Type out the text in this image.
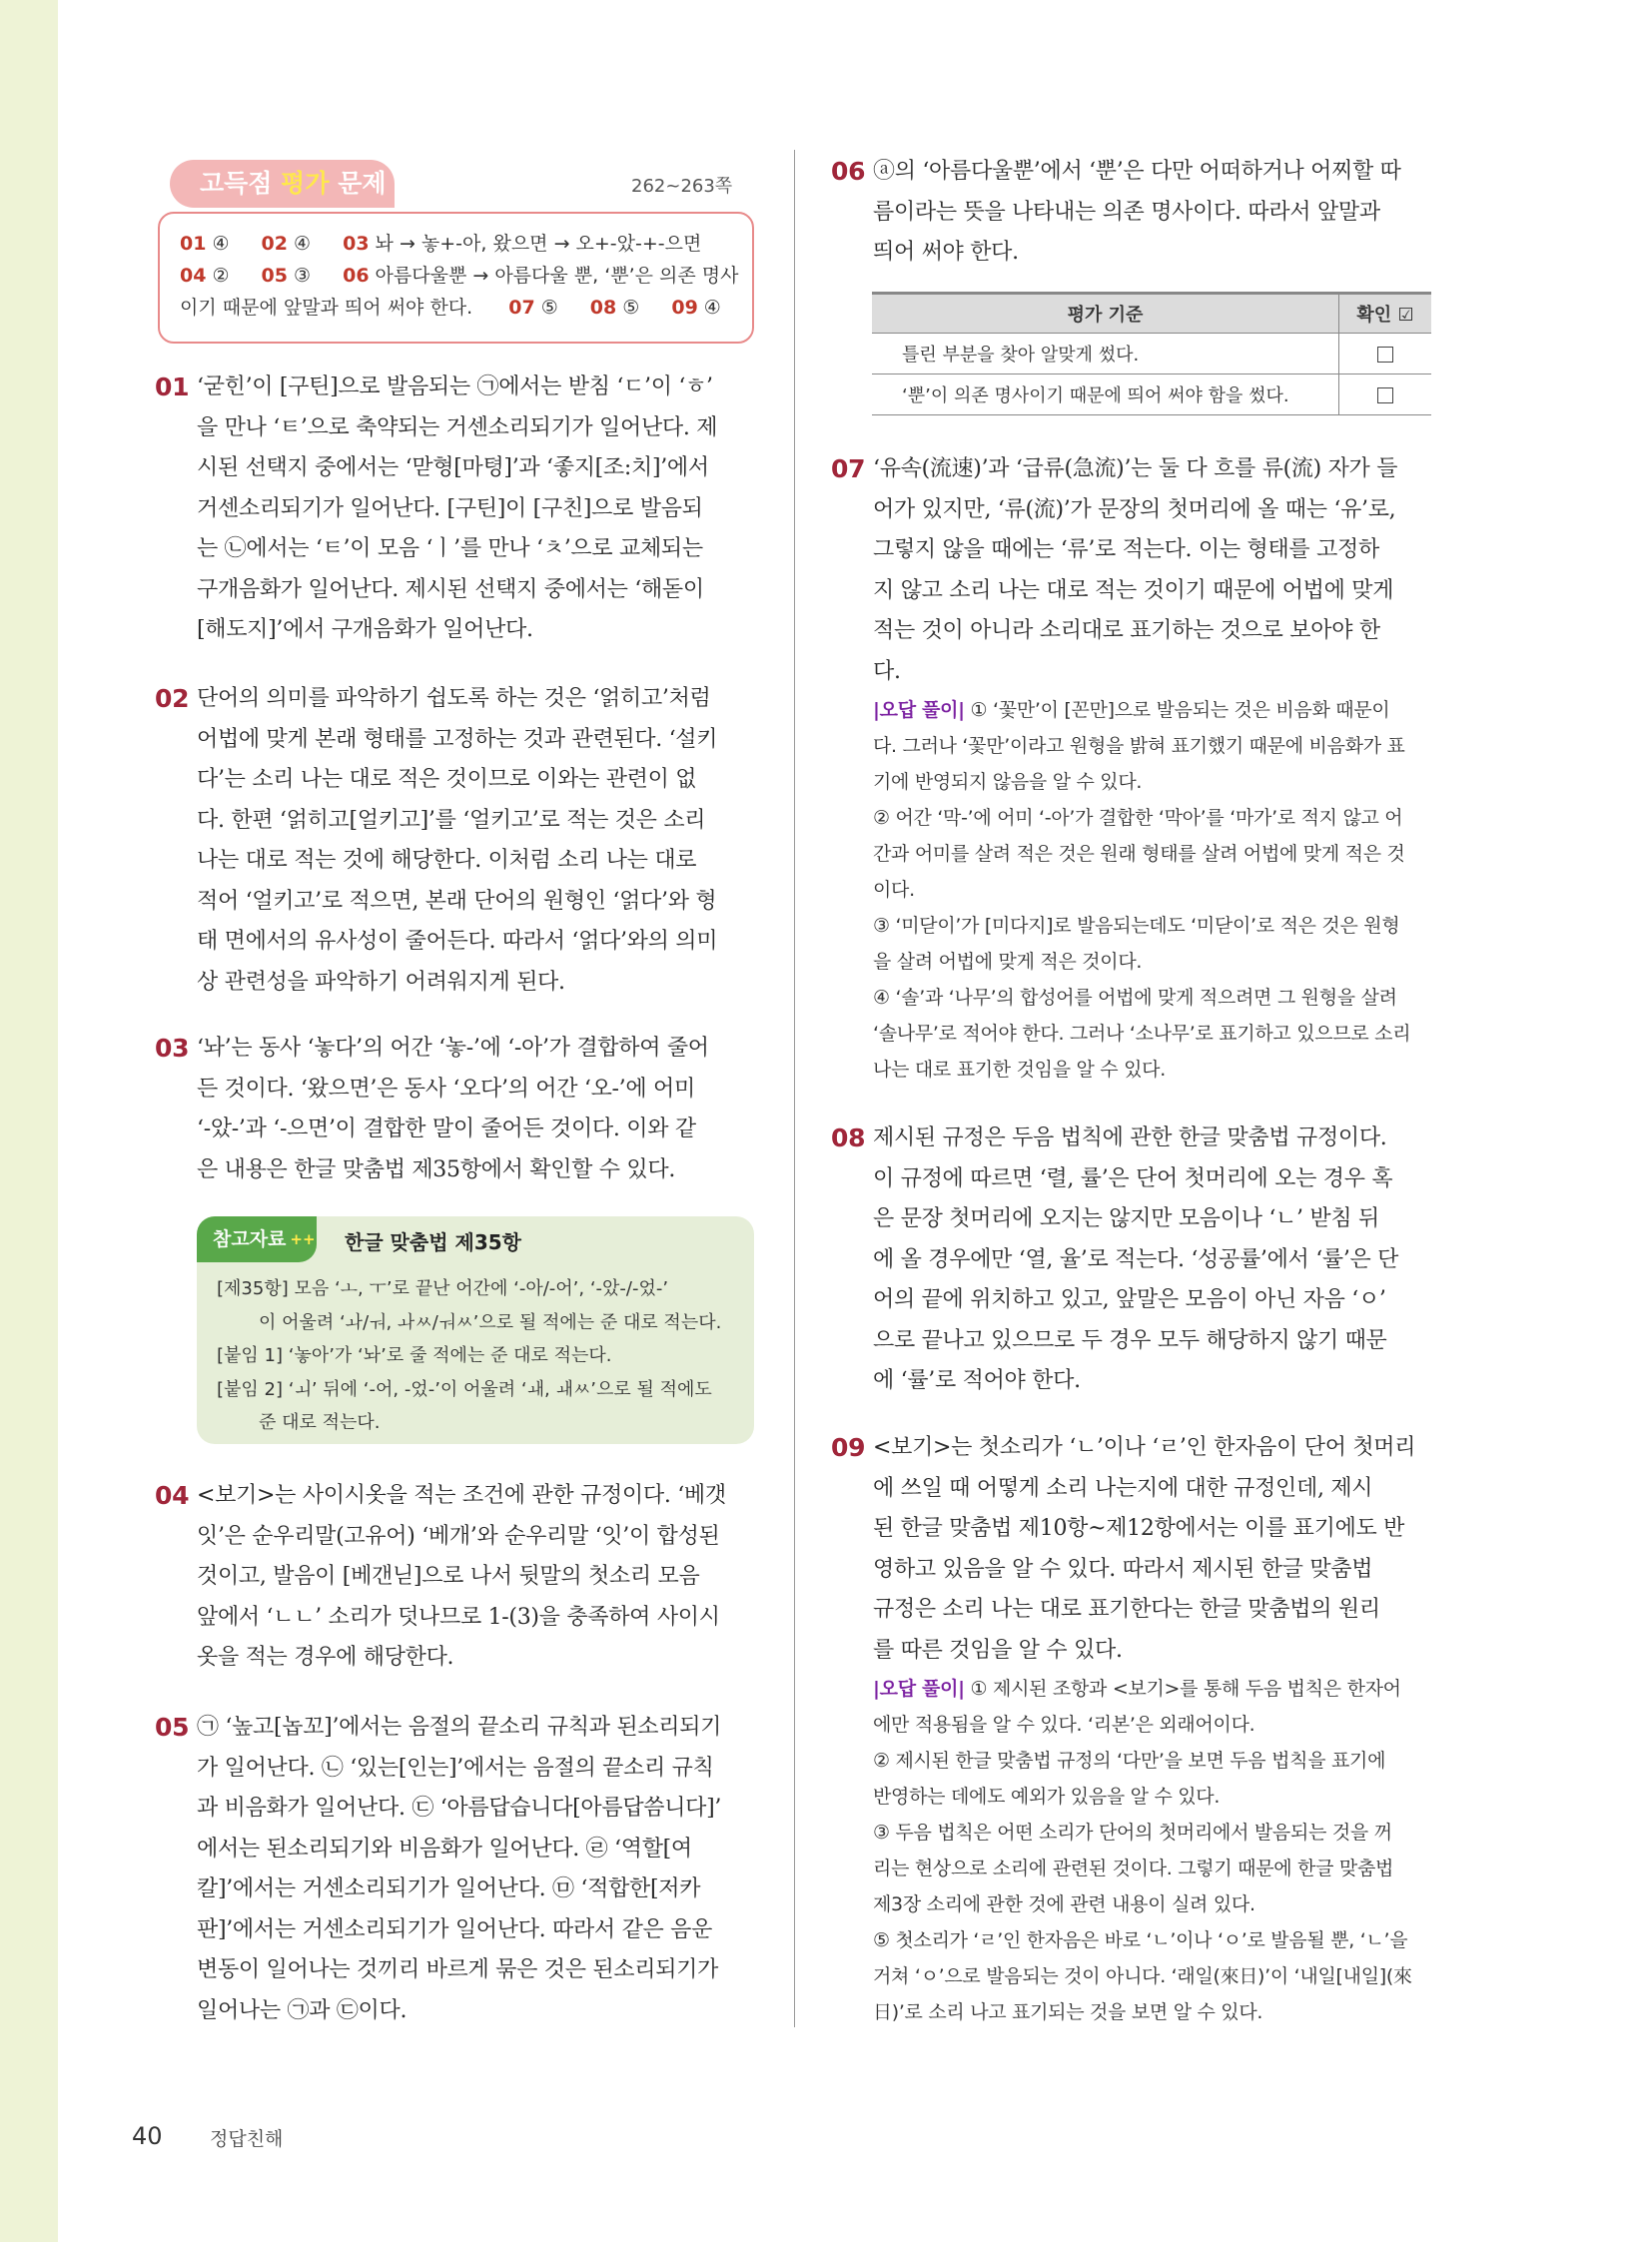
고득점 평가 문제	262~263쪽
01 ④ 02 ④ 03 놔 → 놓+-아, 왔으면 → 오+-았-+-으면
04 ② 05 ③ 06 아름다울뿐 → 아름다울 뿐, ‘뿐’은 의존 명사
이기 때문에 앞말과 띄어 써야 한다. 07 ⑤ 08 ⑤ 09 ④
01 ‘굳힌’이 [구틴]으로 발음되는 ㉠에서는 받침 ‘ㄷ’이 ‘ㅎ’
을 만나 ‘ㅌ’으로 축약되는 거센소리되기가 일어난다. 제
시된 선택지 중에서는 ‘맏형[마텽]’과 ‘좋지[조:치]’에서
거센소리되기가 일어난다. [구틴]이 [구친]으로 발음되
는 ㉡에서는 ‘ㅌ’이 모음 ‘ㅣ’를 만나 ‘ㅊ’으로 교체되는
구개음화가 일어난다. 제시된 선택지 중에서는 ‘해돋이
[해도지]’에서 구개음화가 일어난다.
02 단어의 의미를 파악하기 쉽도록 하는 것은 ‘얽히고’처럼
어법에 맞게 본래 형태를 고정하는 것과 관련된다. ‘설키
다’는 소리 나는 대로 적은 것이므로 이와는 관련이 없
다. 한편 ‘얽히고[얼키고]’를 ‘얼키고’로 적는 것은 소리
나는 대로 적는 것에 해당한다. 이처럼 소리 나는 대로
적어 ‘얼키고’로 적으면, 본래 단어의 원형인 ‘얽다’와 형
태 면에서의 유사성이 줄어든다. 따라서 ‘얽다’와의 의미
상 관련성을 파악하기 어려워지게 된다.
03 ‘놔’는 동사 ‘놓다’의 어간 ‘놓-’에 ‘-아’가 결합하여 줄어
든 것이다. ‘왔으면’은 동사 ‘오다’의 어간 ‘오-’에 어미
‘-았-’과 ‘-으면’이 결합한 말이 줄어든 것이다. 이와 같
은 내용은 한글 맞춤법 제35항에서 확인할 수 있다.
참고자료 ++ 한글 맞춤법 제35항
[제35항] 모음 ‘ㅗ, ㅜ’로 끝난 어간에 ‘-아/-어’, ‘-았-/-었-’
이 어울려 ‘ㅘ/ㅝ, ㅘㅆ/ㅝㅆ’으로 될 적에는 준 대로 적는다.
[붙임 1] ‘놓아’가 ‘놔’로 줄 적에는 준 대로 적는다.
[붙임 2] ‘ㅚ’ 뒤에 ‘-어, -었-’이 어울려 ‘ㅙ, ㅙㅆ’으로 될 적에도
준 대로 적는다.
04 <보기>는 사이시옷을 적는 조건에 관한 규정이다. ‘베갯
잇’은 순우리말(고유어) ‘베개’와 순우리말 ‘잇’이 합성된
것이고, 발음이 [베갠닏]으로 나서 뒷말의 첫소리 모음
앞에서 ‘ㄴㄴ’ 소리가 덧나므로 1-(3)을 충족하여 사이시
옷을 적는 경우에 해당한다.
05 ㉠ ‘높고[놉꼬]’에서는 음절의 끝소리 규칙과 된소리되기
가 일어난다. ㉡ ‘있는[인는]’에서는 음절의 끝소리 규칙
과 비음화가 일어난다. ㉢ ‘아름답습니다[아름답씀니다]’
에서는 된소리되기와 비음화가 일어난다. ㉣ ‘역할[여
칼]’에서는 거센소리되기가 일어난다. ㉤ ‘적합한[저카
판]’에서는 거센소리되기가 일어난다. 따라서 같은 음운
변동이 일어나는 것끼리 바르게 묶은 것은 된소리되기가
일어나는 ㉠과 ㉢이다.
06 ⓐ의 ‘아름다울뿐’에서 ‘뿐’은 다만 어떠하거나 어찌할 따
름이라는 뜻을 나타내는 의존 명사이다. 따라서 앞말과
띄어 써야 한다.
평가 기준	확인 ☑
틀린 부분을 찾아 알맞게 썼다.	
‘뿐’이 의존 명사이기 때문에 띄어 써야 함을 썼다.	
07 ‘유속(流速)’과 ‘급류(急流)’는 둘 다 흐를 류(流) 자가 들
어가 있지만, ‘류(流)’가 문장의 첫머리에 올 때는 ‘유’로,
그렇지 않을 때에는 ‘류’로 적는다. 이는 형태를 고정하
지 않고 소리 나는 대로 적는 것이기 때문에 어법에 맞게
적는 것이 아니라 소리대로 표기하는 것으로 보아야 한
다.
|오답 풀이| ① ‘꽃만’이 [꼰만]으로 발음되는 것은 비음화 때문이
다. 그러나 ‘꽃만’이라고 원형을 밝혀 표기했기 때문에 비음화가 표
기에 반영되지 않음을 알 수 있다.
② 어간 ‘막-’에 어미 ‘-아’가 결합한 ‘막아’를 ‘마가’로 적지 않고 어
간과 어미를 살려 적은 것은 원래 형태를 살려 어법에 맞게 적은 것
이다.
③ ‘미닫이’가 [미다지]로 발음되는데도 ‘미닫이’로 적은 것은 원형
을 살려 어법에 맞게 적은 것이다.
④ ‘솔’과 ‘나무’의 합성어를 어법에 맞게 적으려면 그 원형을 살려
‘솔나무’로 적어야 한다. 그러나 ‘소나무’로 표기하고 있으므로 소리
나는 대로 표기한 것임을 알 수 있다.
08 제시된 규정은 두음 법칙에 관한 한글 맞춤법 규정이다.
이 규정에 따르면 ‘렬, 률’은 단어 첫머리에 오는 경우 혹
은 문장 첫머리에 오지는 않지만 모음이나 ‘ㄴ’ 받침 뒤
에 올 경우에만 ‘열, 율’로 적는다. ‘성공률’에서 ‘률’은 단
어의 끝에 위치하고 있고, 앞말은 모음이 아닌 자음 ‘ㅇ’
으로 끝나고 있으므로 두 경우 모두 해당하지 않기 때문
에 ‘률’로 적어야 한다.
09 <보기>는 첫소리가 ‘ㄴ’이나 ‘ㄹ’인 한자음이 단어 첫머리
에 쓰일 때 어떻게 소리 나는지에 대한 규정인데, 제시
된 한글 맞춤법 제10항~제12항에서는 이를 표기에도 반
영하고 있음을 알 수 있다. 따라서 제시된 한글 맞춤법
규정은 소리 나는 대로 표기한다는 한글 맞춤법의 원리
를 따른 것임을 알 수 있다.
|오답 풀이| ① 제시된 조항과 <보기>를 통해 두음 법칙은 한자어
에만 적용됨을 알 수 있다. ‘리본’은 외래어이다.
② 제시된 한글 맞춤법 규정의 ‘다만’을 보면 두음 법칙을 표기에
반영하는 데에도 예외가 있음을 알 수 있다.
③ 두음 법칙은 어떤 소리가 단어의 첫머리에서 발음되는 것을 꺼
리는 현상으로 소리에 관련된 것이다. 그렇기 때문에 한글 맞춤법
제3장 소리에 관한 것에 관련 내용이 실려 있다.
⑤ 첫소리가 ‘ㄹ’인 한자음은 바로 ‘ㄴ’이나 ‘ㅇ’로 발음될 뿐, ‘ㄴ’을
거쳐 ‘ㅇ’으로 발음되는 것이 아니다. ‘래일(來日)’이 ‘내일[내일](來
日)’로 소리 나고 표기되는 것을 보면 알 수 있다.
40 정답친해
